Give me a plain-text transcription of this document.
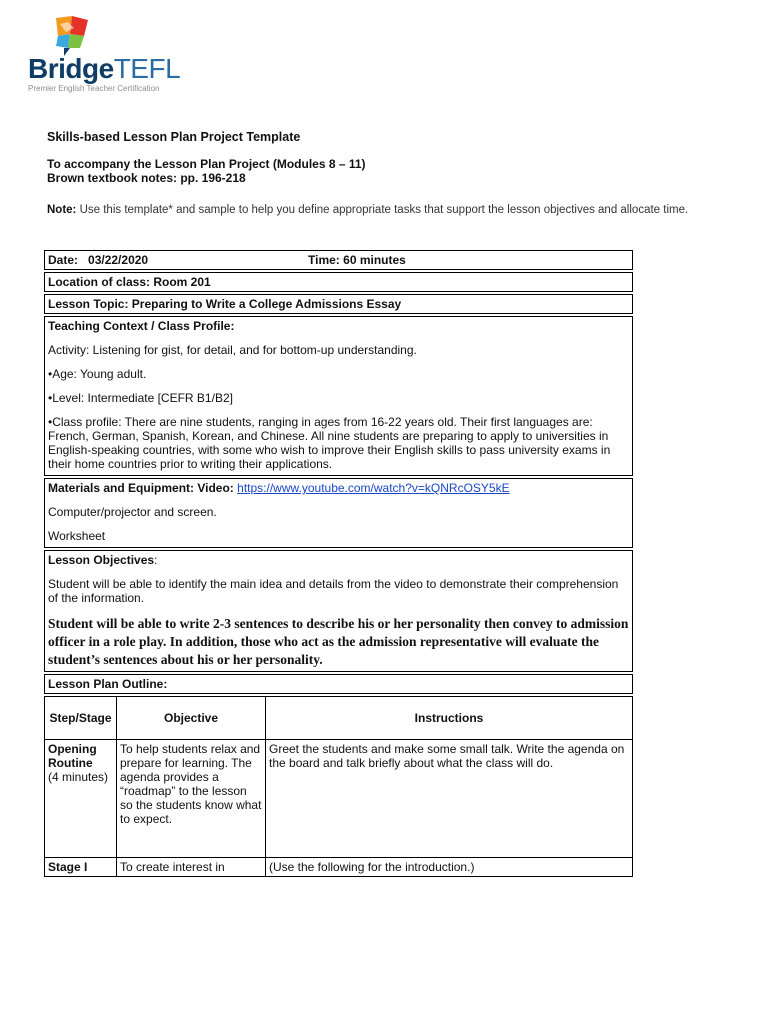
BridgeTEFL
Premier English Teacher Certification
Skills-based Lesson Plan Project Template
To accompany the Lesson Plan Project (Modules 8 – 11)
Brown textbook notes: pp. 196-218
Note: Use this template* and sample to help you define appropriate tasks that support the lesson objectives and allocate time.
Date: 03/22/2020	Time: 60 minutes
Location of class: Room 201
Lesson Topic: Preparing to Write a College Admissions Essay

Teaching Context / Class Profile:

Activity: Listening for gist, for detail, and for bottom-up understanding.

•Age: Young adult.

•Level: Intermediate [CEFR B1/B2]

•Class profile: There are nine students, ranging in ages from 16-22 years old. Their first languages are: French, German, Spanish, Korean, and Chinese. All nine students are preparing to apply to universities in English-speaking countries, with some who wish to improve their English skills to pass university exams in their home countries prior to writing their applications.

Materials and Equipment: Video: https://www.youtube.com/watch?v=kQNRcOSY5kE

Computer/projector and screen.

Worksheet

Lesson Objectives:

Student will be able to identify the main idea and details from the video to demonstrate their comprehension of the information.

Student will be able to write 2-3 sentences to describe his or her personality then convey to admission officer in a role play. In addition, those who act as the admission representative will evaluate the student’s sentences about his or her personality.

Lesson Plan Outline:

Step/Stage	Objective	Instructions

Opening Routine
(4 minutes)
	To help students relax and prepare for learning. The agenda provides a “roadmap” to the lesson so the students know what to expect.	Greet the students and make some small talk. Write the agenda on the board and talk briefly about what the class will do.
Stage I	To create interest in	(Use the following for the introduction.)
